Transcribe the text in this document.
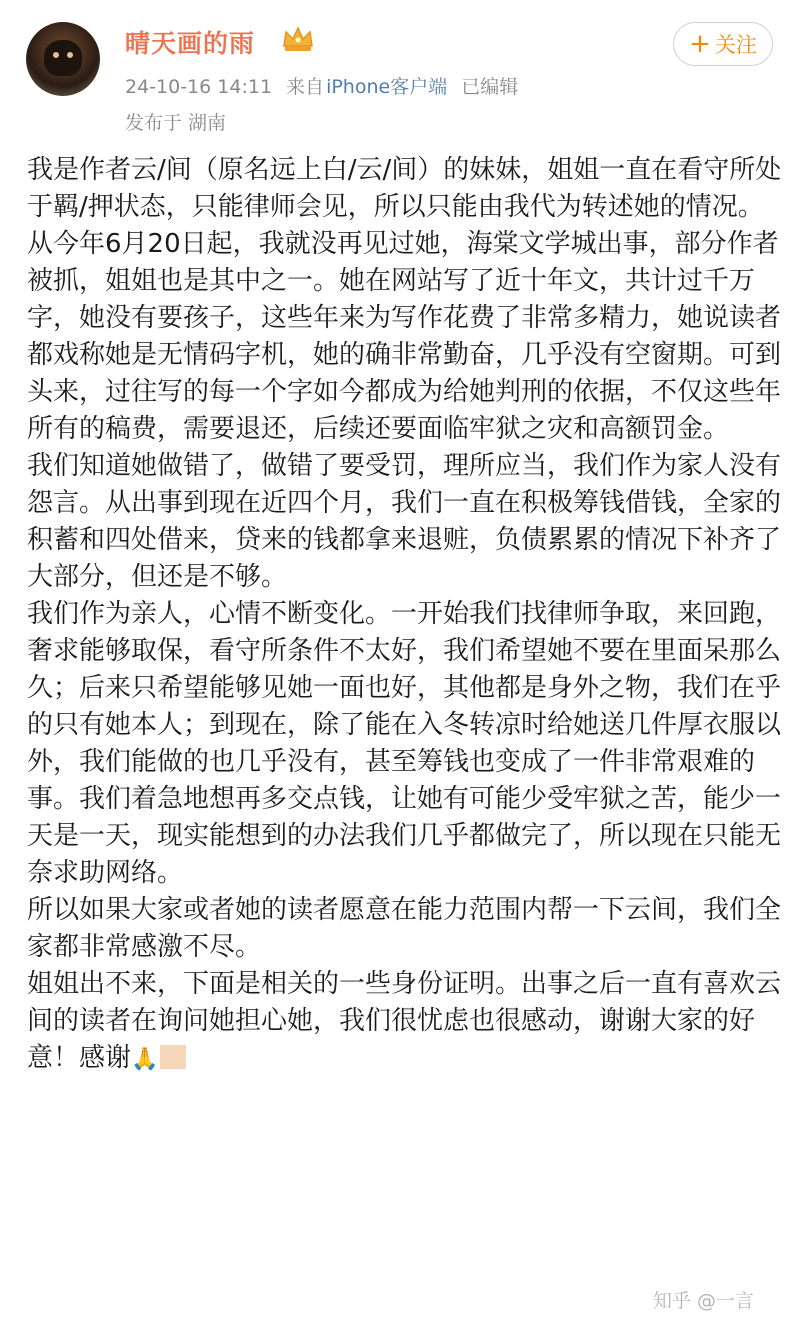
晴天画的雨	+ 关注
24-10-16 14:11 来自 iPhone客户端 已编辑
发布于 湖南

我是作者云/间（原名远上白/云/间）的妹妹，姐姐一直在看守所处于羁/押状态，只能律师会见，所以只能由我代为转述她的情况。

从今年6月20日起，我就没再见过她，海棠文学城出事，部分作者被抓，姐姐也是其中之一。她在网站写了近十年文，共计过千万字，她没有要孩子，这些年来为写作花费了非常多精力，她说读者都戏称她是无情码字机，她的确非常勤奋，几乎没有空窗期。可到头来，过往写的每一个字如今都成为给她判刑的依据，不仅这些年所有的稿费，需要退还，后续还要面临牢狱之灾和高额罚金。

我们知道她做错了，做错了要受罚，理所应当，我们作为家人没有怨言。从出事到现在近四个月，我们一直在积极筹钱借钱，全家的积蓄和四处借来，贷来的钱都拿来退赃，负债累累的情况下补齐了大部分，但还是不够。

我们作为亲人，心情不断变化。一开始我们找律师争取，来回跑，奢求能够取保，看守所条件不太好，我们希望她不要在里面呆那么久；后来只希望能够见她一面也好，其他都是身外之物，我们在乎的只有她本人；到现在，除了能在入冬转凉时给她送几件厚衣服以外，我们能做的也几乎没有，甚至筹钱也变成了一件非常艰难的事。我们着急地想再多交点钱，让她有可能少受牢狱之苦，能少一天是一天，现实能想到的办法我们几乎都做完了，所以现在只能无奈求助网络。

所以如果大家或者她的读者愿意在能力范围内帮一下云间，我们全家都非常感激不尽。

姐姐出不来，下面是相关的一些身份证明。出事之后一直有喜欢云间的读者在询问她担心她，我们很忧虑也很感动，谢谢大家的好意！感谢🙏

知乎 @一言
